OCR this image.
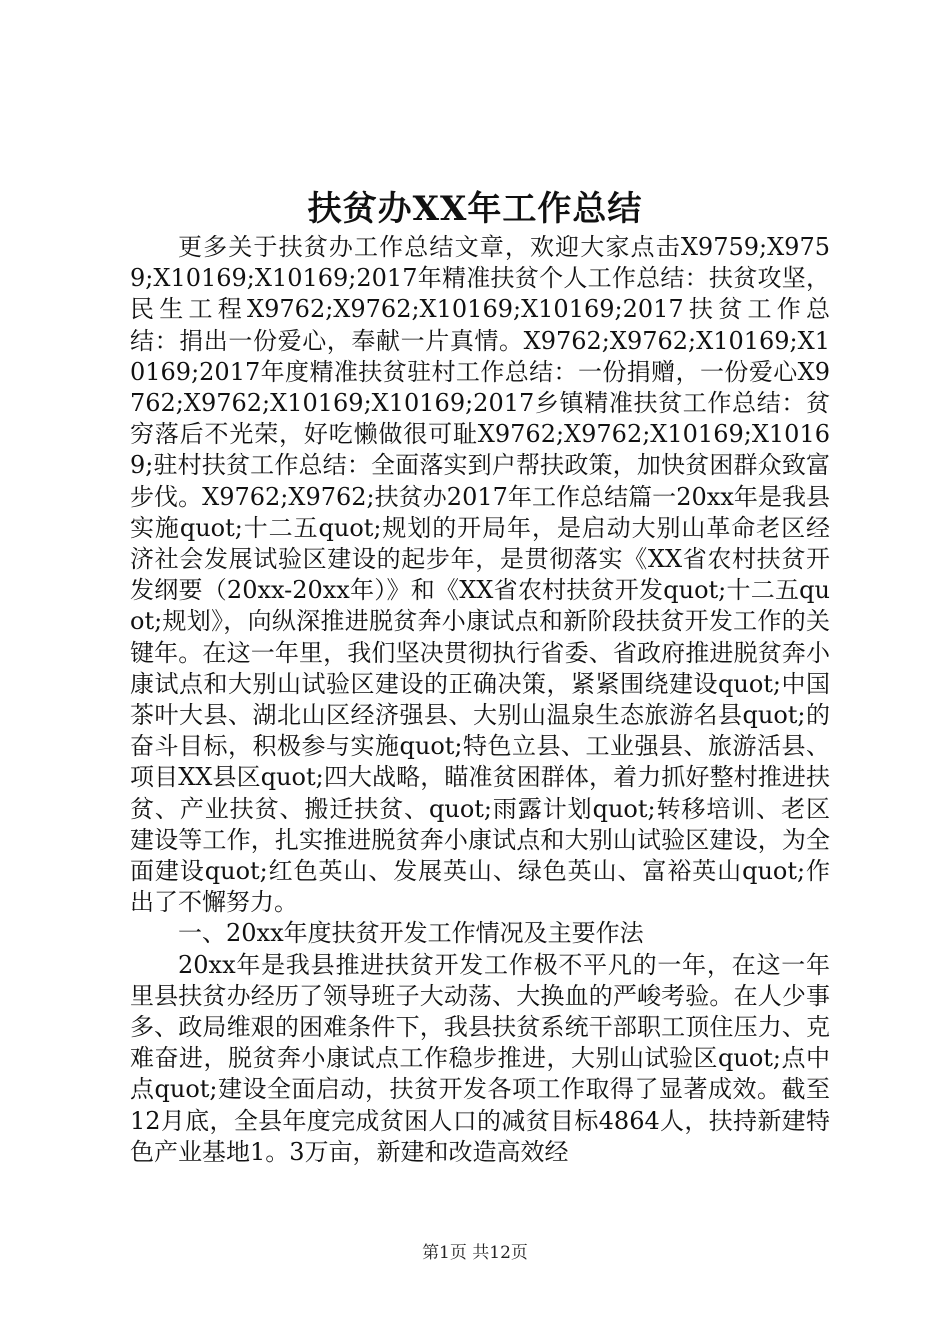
扶贫办XX年工作总结

更多关于扶贫办工作总结文章，欢迎大家点击X9759;X9759;X10169;X10169;2017年精准扶贫个人工作总结：扶贫攻坚，民生工程X9762;X9762;X10169;X10169;2017扶贫工作总结：捐出一份爱心，奉献一片真情。X9762;X9762;X10169;X10169;2017年度精准扶贫驻村工作总结：一份捐赠，一份爱心X9762;X9762;X10169;X10169;2017乡镇精准扶贫工作总结：贫穷落后不光荣，好吃懒做很可耻X9762;X9762;X10169;X10169;驻村扶贫工作总结：全面落实到户帮扶政策，加快贫困群众致富步伐。X9762;X9762;扶贫办2017年工作总结篇一20xx年是我县实施quot;十二五quot;规划的开局年，是启动大别山革命老区经济社会发展试验区建设的起步年，是贯彻落实《XX省农村扶贫开发纲要（20xx-20xx年）》和《XX省农村扶贫开发quot;十二五quot;规划》，向纵深推进脱贫奔小康试点和新阶段扶贫开发工作的关键年。在这一年里，我们坚决贯彻执行省委、省政府推进脱贫奔小康试点和大别山试验区建设的正确决策，紧紧围绕建设quot;中国茶叶大县、湖北山区经济强县、大别山温泉生态旅游名县quot;的奋斗目标，积极参与实施quot;特色立县、工业强县、旅游活县、项目XX县区quot;四大战略，瞄准贫困群体，着力抓好整村推进扶贫、产业扶贫、搬迁扶贫、quot;雨露计划quot;转移培训、老区建设等工作，扎实推进脱贫奔小康试点和大别山试验区建设，为全面建设quot;红色英山、发展英山、绿色英山、富裕英山quot;作出了不懈努力。

一、20xx年度扶贫开发工作情况及主要作法

20xx年是我县推进扶贫开发工作极不平凡的一年，在这一年里县扶贫办经历了领导班子大动荡、大换血的严峻考验。在人少事多、政局维艰的困难条件下，我县扶贫系统干部职工顶住压力、克难奋进，脱贫奔小康试点工作稳步推进，大别山试验区quot;点中点quot;建设全面启动，扶贫开发各项工作取得了显著成效。截至12月底，全县年度完成贫困人口的减贫目标4864人，扶持新建特色产业基地1。3万亩，新建和改造高效经

第1页 共12页
